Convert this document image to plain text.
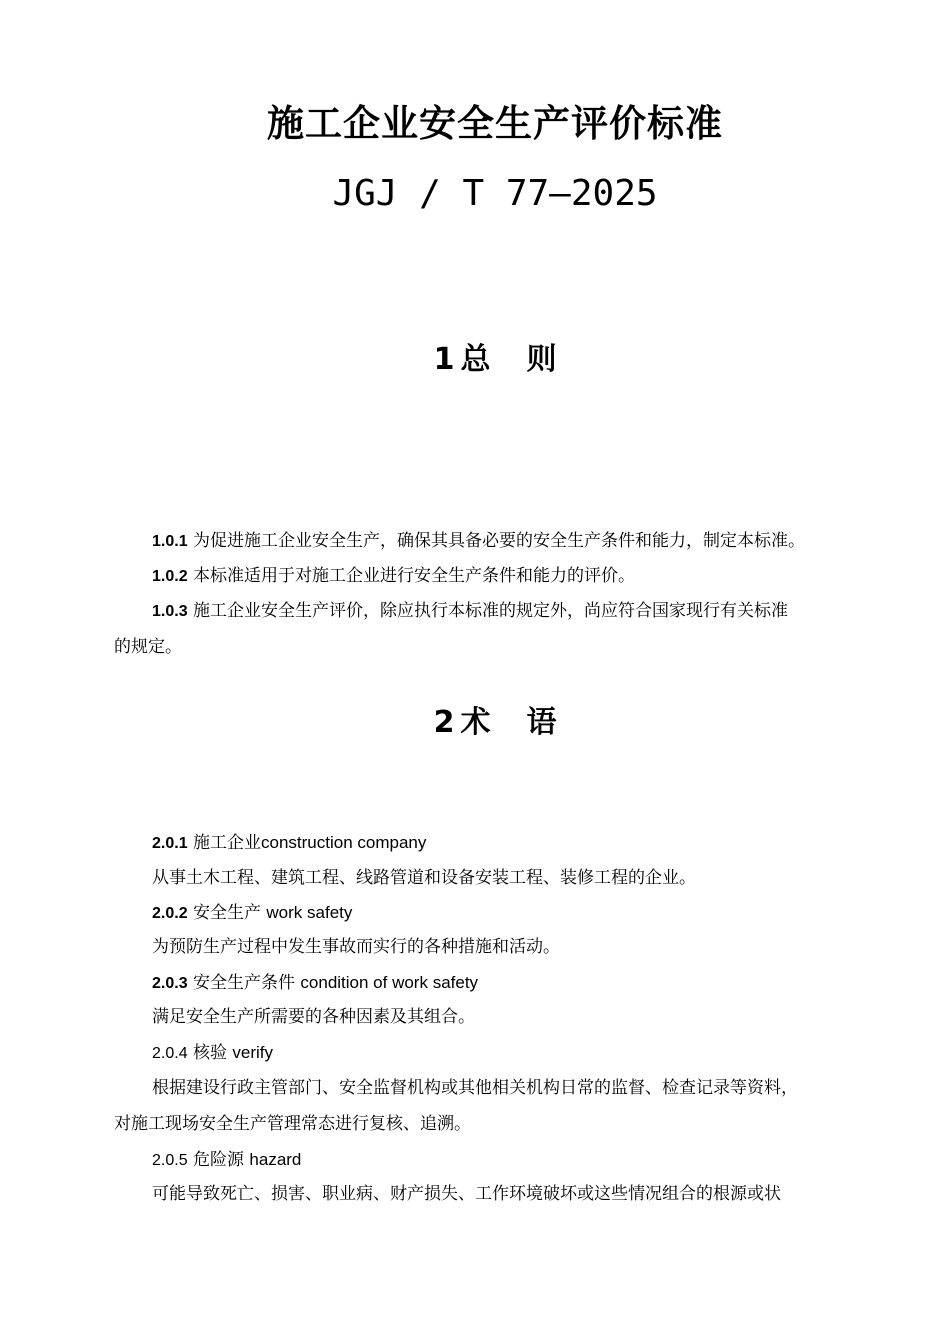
施工企业安全生产评价标准
JGJ / T 77—2025
1 总 则
1.0.1 为促进施工企业安全生产，确保其具备必要的安全生产条件和能力，制定本标准。
1.0.2 本标准适用于对施工企业进行安全生产条件和能力的评价。
1.0.3 施工企业安全生产评价，除应执行本标准的规定外，尚应符合国家现行有关标准
的规定。
2 术 语
2.0.1 施工企业construction company
从事土木工程、建筑工程、线路管道和设备安装工程、装修工程的企业。
2.0.2 安全生产 work safety
为预防生产过程中发生事故而实行的各种措施和活动。
2.0.3 安全生产条件 condition of work safety
满足安全生产所需要的各种因素及其组合。
2.0.4 核验 verify
根据建设行政主管部门、安全监督机构或其他相关机构日常的监督、检查记录等资料，
对施工现场安全生产管理常态进行复核、追溯。
2.0.5 危险源 hazard
可能导致死亡、损害、职业病、财产损失、工作环境破坏或这些情况组合的根源或状
